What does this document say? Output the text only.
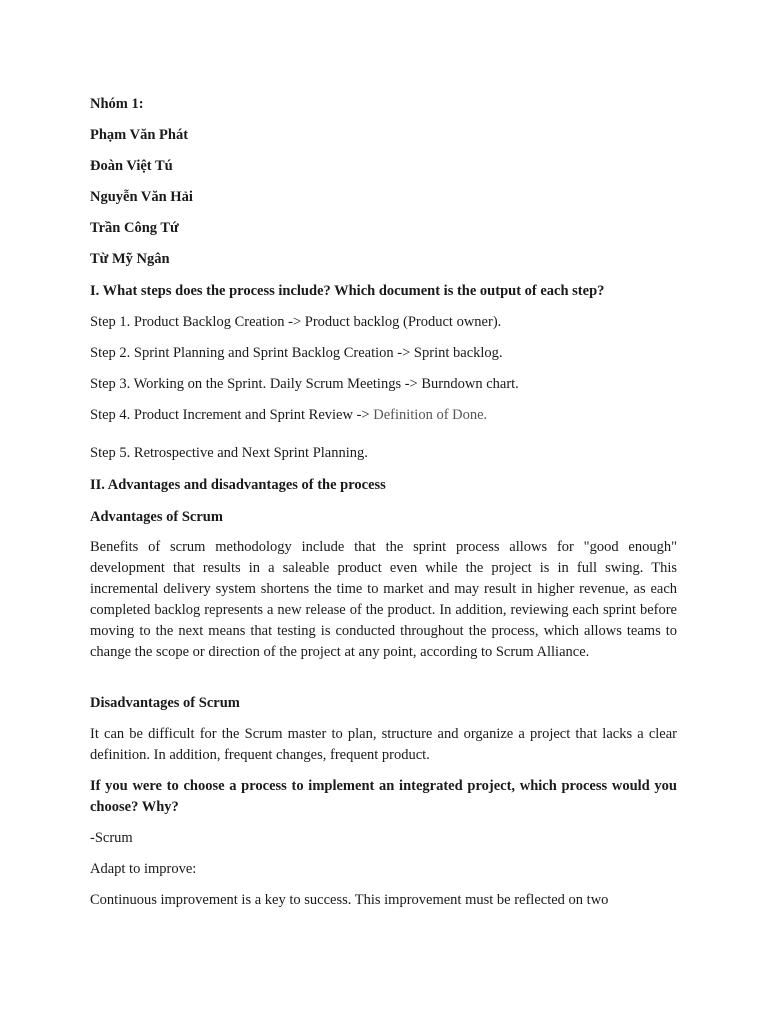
Nhóm 1:

Phạm Văn Phát

Đoàn Việt Tú

Nguyễn Văn Hải

Trần Công Tứ

Từ Mỹ Ngân

I. What steps does the process include? Which document is the output of each step?

Step 1. Product Backlog Creation -> Product backlog (Product owner).

Step 2. Sprint Planning and Sprint Backlog Creation -> Sprint backlog.

Step 3. Working on the Sprint. Daily Scrum Meetings -> Burndown chart.

Step 4. Product Increment and Sprint Review -> Definition of Done.

Step 5. Retrospective and Next Sprint Planning.

II. Advantages and disadvantages of the process

Advantages of Scrum

Benefits of scrum methodology include that the sprint process allows for "good enough" development that results in a saleable product even while the project is in full swing. This incremental delivery system shortens the time to market and may result in higher revenue, as each completed backlog represents a new release of the product. In addition, reviewing each sprint before moving to the next means that testing is conducted throughout the process, which allows teams to change the scope or direction of the project at any point, according to Scrum Alliance.

Disadvantages of Scrum

It can be difficult for the Scrum master to plan, structure and organize a project that lacks a clear definition. In addition, frequent changes, frequent product.

If you were to choose a process to implement an integrated project, which process would you choose? Why?

-Scrum

Adapt to improve:

Continuous improvement is a key to success. This improvement must be reflected on two
